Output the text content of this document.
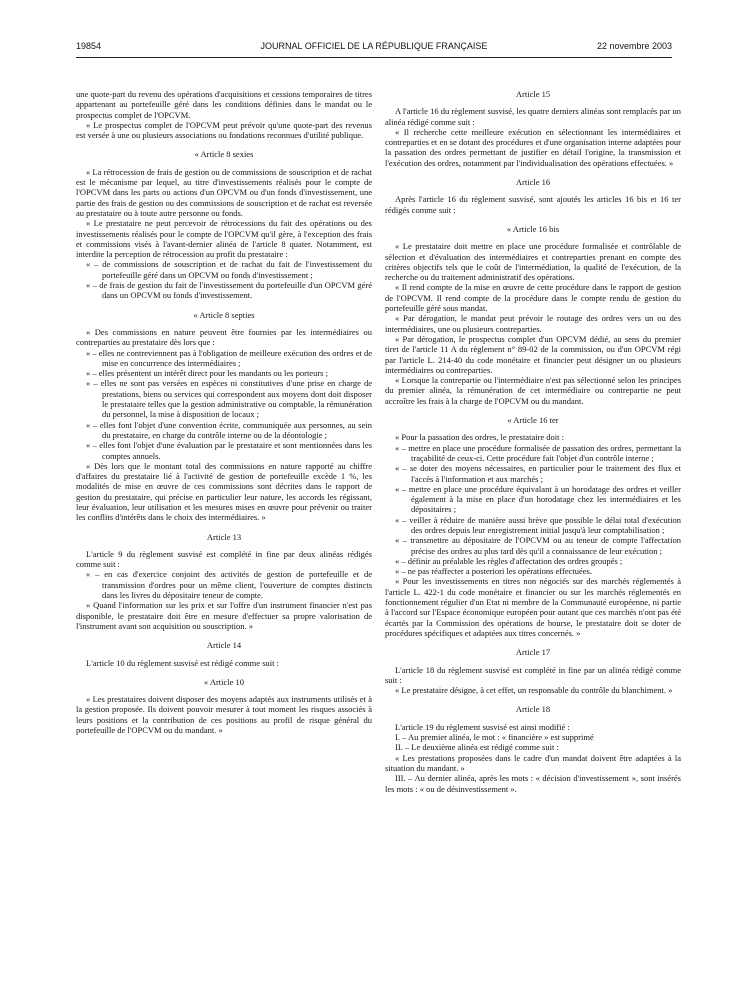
19854	JOURNAL OFFICIEL DE LA RÉPUBLIQUE FRANÇAISE	22 novembre 2003

une quote-part du revenu des opérations d'acquisitions et cessions temporaires de titres appartenant au portefeuille géré dans les conditions définies dans le mandat ou le prospectus complet de l'OPCVM.

« Le prospectus complet de l'OPCVM peut prévoir qu'une quote-part des revenus est versée à une ou plusieurs associations ou fondations reconnues d'utilité publique.

« Article 8 sexies

« La rétrocession de frais de gestion ou de commissions de souscription et de rachat est le mécanisme par lequel, au titre d'investissements réalisés pour le compte de l'OPCVM dans les parts ou actions d'un OPCVM ou d'un fonds d'investissement, une partie des frais de gestion ou des commissions de souscription et de rachat est reversée au prestataire ou à toute autre personne ou fonds.

« Le prestataire ne peut percevoir de rétrocessions du fait des opérations ou des investissements réalisés pour le compte de l'OPCVM qu'il gère, à l'exception des frais et commissions visés à l'avant-dernier alinéa de l'article 8 quater. Notamment, est interdite la perception de rétrocession au profit du prestataire :

« – de commissions de souscription et de rachat du fait de l'investissement du portefeuille géré dans un OPCVM ou fonds d'investissement ;

« – de frais de gestion du fait de l'investissement du portefeuille d'un OPCVM géré dans un OPCVM ou fonds d'investissement.

« Article 8 septies

« Des commissions en nature peuvent être fournies par les intermédiaires ou contreparties au prestataire dès lors que :

« – elles ne contreviennent pas à l'obligation de meilleure exécution des ordres et de mise en concurrence des intermédiaires ;

« – elles présentent un intérêt direct pour les mandants ou les porteurs ;

« – elles ne sont pas versées en espèces ni constitutives d'une prise en charge de prestations, biens ou services qui correspondent aux moyens dont doit disposer le prestataire telles que la gestion administrative ou comptable, la rémunération du personnel, la mise à disposition de locaux ;

« – elles font l'objet d'une convention écrite, communiquée aux personnes, au sein du prestataire, en charge du contrôle interne ou de la déontologie ;

« – elles font l'objet d'une évaluation par le prestataire et sont mentionnées dans les comptes annuels.

« Dès lors que le montant total des commissions en nature rapporté au chiffre d'affaires du prestataire lié à l'activité de gestion de portefeuille excède 1 %, les modalités de mise en œuvre de ces commissions sont décrites dans le rapport de gestion du prestataire, qui précise en particulier leur nature, les accords les régissant, leur évaluation, leur utilisation et les mesures mises en œuvre pour prévenir ou traiter les conflits d'intérêts dans le choix des intermédiaires. »

Article 13

L'article 9 du règlement susvisé est complété in fine par deux alinéas rédigés comme suit :

« – en cas d'exercice conjoint des activités de gestion de portefeuille et de transmission d'ordres pour un même client, l'ouverture de comptes distincts dans les livres du dépositaire teneur de compte.

« Quand l'information sur les prix et sur l'offre d'un instrument financier n'est pas disponible, le prestataire doit être en mesure d'effectuer sa propre valorisation de l'instrument avant son acquisition ou souscription. »

Article 14

L'article 10 du règlement susvisé est rédigé comme suit :

« Article 10

« Les prestataires doivent disposer des moyens adaptés aux instruments utilisés et à la gestion proposée. Ils doivent pouvoir mesurer à tout moment les risques associés à leurs positions et la contribution de ces positions au profil de risque général du portefeuille de l'OPCVM ou du mandant. »

Article 15

A l'article 16 du règlement susvisé, les quatre derniers alinéas sont remplacés par un alinéa rédigé comme suit :

« Il recherche cette meilleure exécution en sélectionnant les intermédiaires et contreparties et en se dotant des procédures et d'une organisation interne adaptées pour la passation des ordres permettant de justifier en détail l'origine, la transmission et l'exécution des ordres, notamment par l'individualisation des opérations effectuées. »

Article 16

Après l'article 16 du règlement susvisé, sont ajoutés les articles 16 bis et 16 ter rédigés comme suit :

« Article 16 bis

« Le prestataire doit mettre en place une procédure formalisée et contrôlable de sélection et d'évaluation des intermédiaires et contreparties prenant en compte des critères objectifs tels que le coût de l'intermédiation, la qualité de l'exécution, de la recherche ou du traitement administratif des opérations.

« Il rend compte de la mise en œuvre de cette procédure dans le rapport de gestion de l'OPCVM. Il rend compte de la procédure dans le compte rendu de gestion du portefeuille géré sous mandat.

« Par dérogation, le mandat peut prévoir le routage des ordres vers un ou des intermédiaires, une ou plusieurs contreparties.

« Par dérogation, le prospectus complet d'un OPCVM dédié, au sens du premier tiret de l'article 11 A du règlement n° 89-02 de la commission, ou d'un OPCVM régi par l'article L. 214-40 du code monétaire et financier peut désigner un ou plusieurs intermédiaires ou contreparties.

« Lorsque la contrepartie ou l'intermédiaire n'est pas sélectionné selon les principes du premier alinéa, la rémunération de cet intermédiaire ou contrepartie ne peut accroître les frais à la charge de l'OPCVM ou du mandant.

« Article 16 ter

« Pour la passation des ordres, le prestataire doit :

« – mettre en place une procédure formalisée de passation des ordres, permettant la traçabilité de ceux-ci. Cette procédure fait l'objet d'un contrôle interne ;

« – se doter des moyens nécessaires, en particulier pour le traitement des flux et l'accès à l'information et aux marchés ;

« – mettre en place une procédure équivalant à un horodatage des ordres et veiller également à la mise en place d'un horodatage chez les intermédiaires et les dépositaires ;

« – veiller à réduire de manière aussi brève que possible le délai total d'exécution des ordres depuis leur enregistrement initial jusqu'à leur comptabilisation ;

« – transmettre au dépositaire de l'OPCVM ou au teneur de compte l'affectation précise des ordres au plus tard dès qu'il a connaissance de leur exécution ;

« – définir au préalable les règles d'affectation des ordres groupés ;

« – ne pas réaffecter a posteriori les opérations effectuées.

« Pour les investissements en titres non négociés sur des marchés réglementés à l'article L. 422-1 du code monétaire et financier ou sur les marchés réglementés en fonctionnement régulier d'un Etat ni membre de la Communauté européenne, ni partie à l'accord sur l'Espace économique européen pour autant que ces marchés n'ont pas été écartés par la Commission des opérations de bourse, le prestataire doit se doter de procédures spécifiques et adaptées aux titres concernés. »

Article 17

L'article 18 du règlement susvisé est complété in fine par un alinéa rédigé comme suit :

« Le prestataire désigne, à cet effet, un responsable du contrôle du blanchiment. »

Article 18

L'article 19 du règlement susvisé est ainsi modifié :

I. – Au premier alinéa, le mot : « financière » est supprimé

II. – Le deuxième alinéa est rédigé comme suit :

« Les prestations proposées dans le cadre d'un mandat doivent être adaptées à la situation du mandant. »

III. – Au dernier alinéa, après les mots : « décision d'investissement », sont insérés les mots : « ou de désinvestissement ».
